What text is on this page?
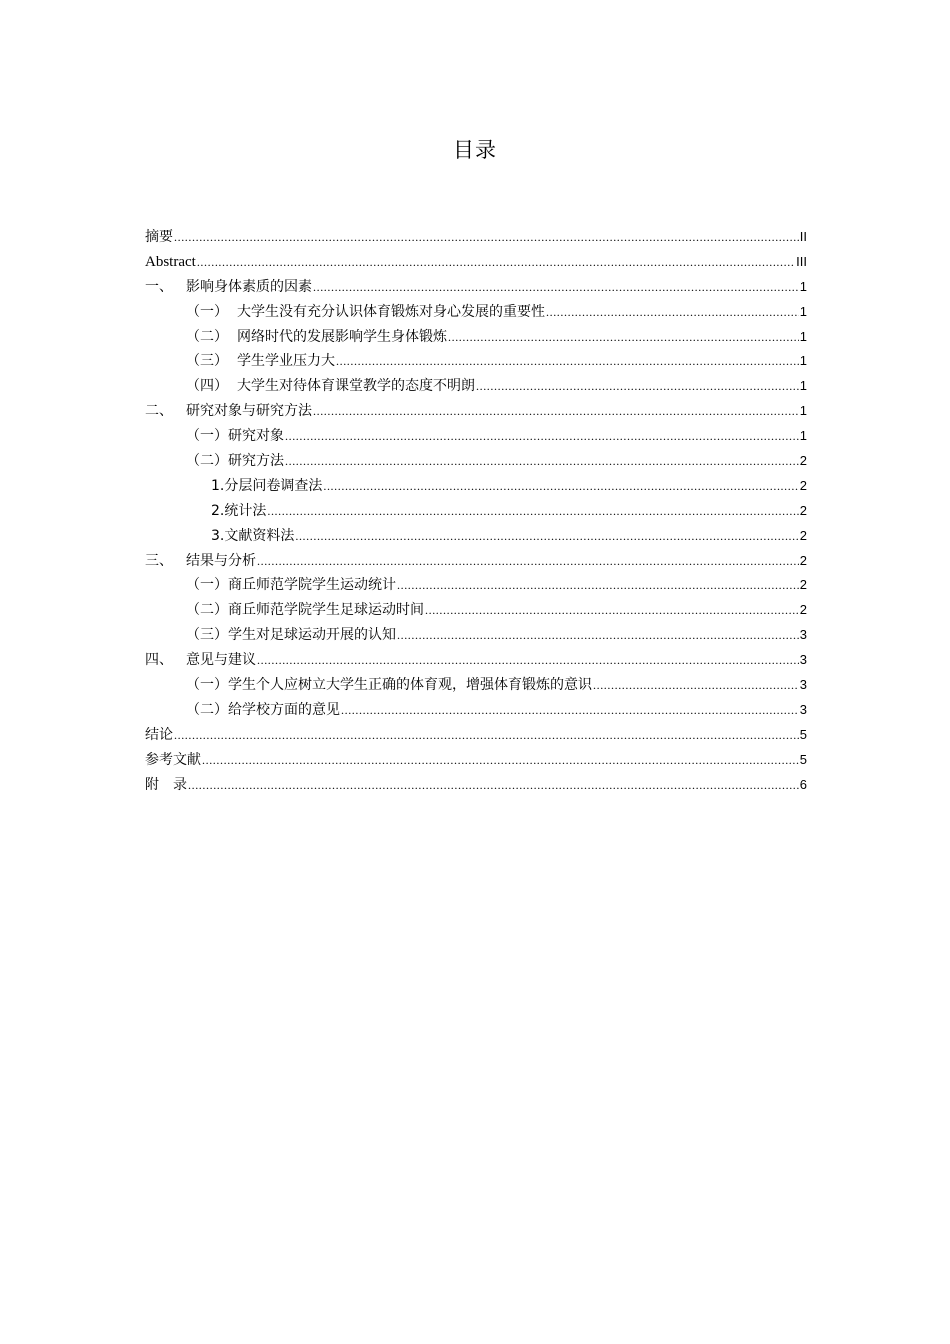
目录
摘要 .....	II
Abstract .....	III
一、 影响身体素质的因素 .....	1
（一） 大学生没有充分认识体育锻炼对身心发展的重要性 .....	1
（二） 网络时代的发展影响学生身体锻炼 .....	1
（三） 学生学业压力大 .....	1
（四） 大学生对待体育课堂教学的态度不明朗 .....	1
二、 研究对象与研究方法 .....	1
（一） 研究对象 .....	1
（二） 研究方法 .....	2
1. 分层问卷调查法 .....	2
2. 统计法 .....	2
3. 文献资料法 .....	2
三、 结果与分析 .....	2
（一） 商丘师范学院学生运动统计 .....	2
（二） 商丘师范学院学生足球运动时间 .....	2
（三） 学生对足球运动开展的认知 .....	3
四、 意见与建议 .....	3
（一） 学生个人应树立大学生正确的体育观，增强体育锻炼的意识 .....	3
（二） 给学校方面的意见 .....	3
结论 .....	5
参考文献 .....	5
附　录 .....	6
